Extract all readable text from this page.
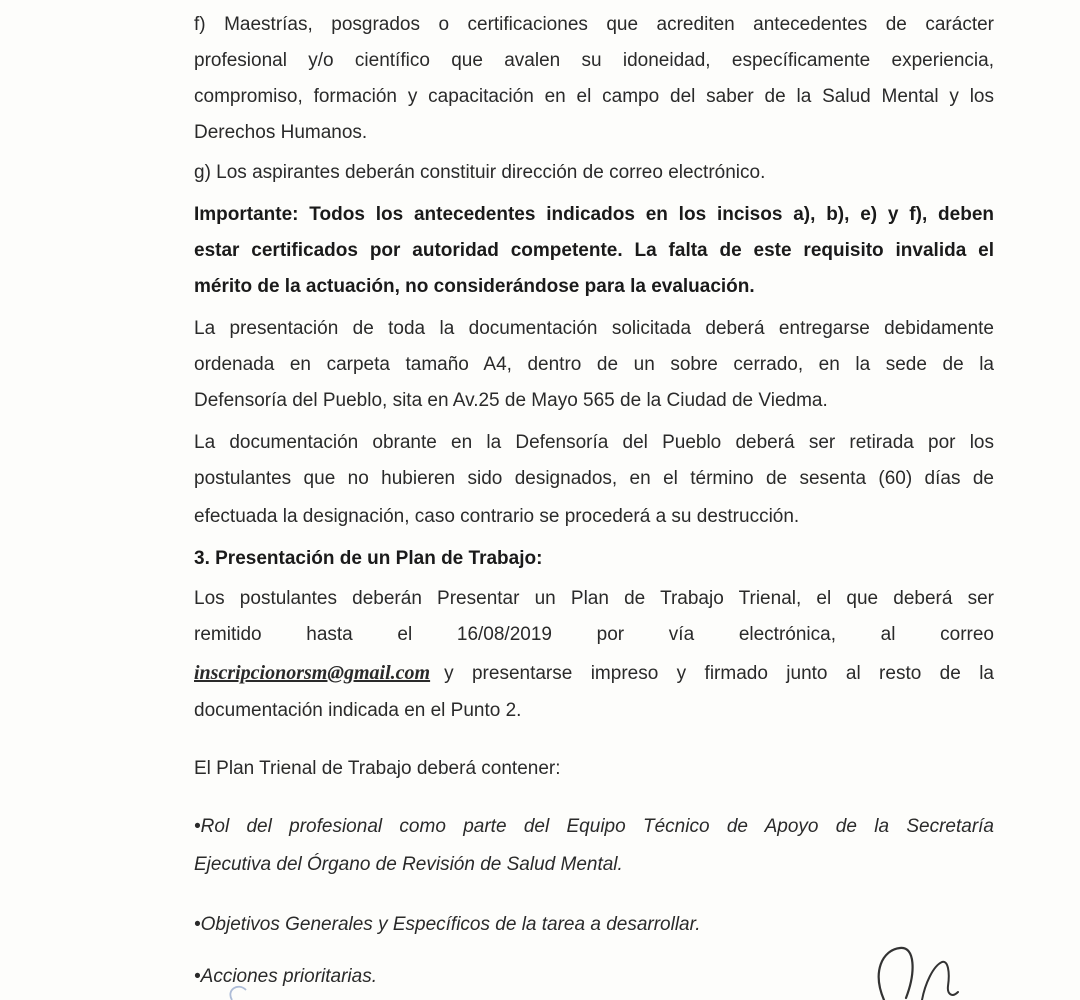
f) Maestrías, posgrados o certificaciones que acrediten antecedentes de carácter

profesional y/o científico que avalen su idoneidad, específicamente experiencia,

compromiso, formación y capacitación en el campo del saber de la Salud Mental y los

Derechos Humanos.

g) Los aspirantes deberán constituir dirección de correo electrónico.

Importante: Todos los antecedentes indicados en los incisos a), b), e) y f), deben

estar certificados por autoridad competente. La falta de este requisito invalida el

mérito de la actuación, no considerándose para la evaluación.

La presentación de toda la documentación solicitada deberá entregarse debidamente

ordenada en carpeta tamaño A4, dentro de un sobre cerrado, en la sede de la

Defensoría del Pueblo, sita en Av.25 de Mayo 565 de la Ciudad de Viedma.

La documentación obrante en la Defensoría del Pueblo deberá ser retirada por los

postulantes que no hubieren sido designados, en el término de sesenta (60) días de

efectuada la designación, caso contrario se procederá a su destrucción.

3. Presentación de un Plan de Trabajo:

Los postulantes deberán Presentar un Plan de Trabajo Trienal, el que deberá ser

remitido hasta el 16/08/2019 por vía electrónica, al correo

inscripcionorsm@gmail.com y presentarse impreso y firmado junto al resto de la

documentación indicada en el Punto 2.

El Plan Trienal de Trabajo deberá contener:

•Rol del profesional como parte del Equipo Técnico de Apoyo de la Secretaría

Ejecutiva del Órgano de Revisión de Salud Mental.

•Objetivos Generales y Específicos de la tarea a desarrollar.

•Acciones prioritarias.
